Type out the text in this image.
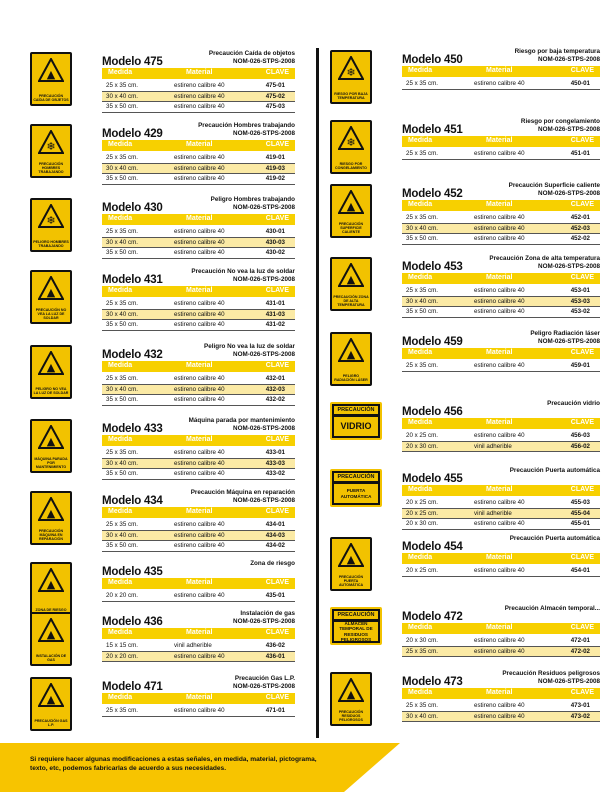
▲
PRECAUCIÓN CAÍDA DE OBJETOS
Modelo 475
Precaución Caída de objetos
NOM-026-STPS-2008
Medida	Material	CLAVE
25 x 35 cm.	estireno calibre 40	475-01
30 x 40 cm.	estireno calibre 40	475-02
35 x 50 cm.	estireno calibre 40	475-03
❄
PRECAUCIÓN HOMBRES TRABAJANDO
Modelo 429
Precaución Hombres trabajando
NOM-026-STPS-2008
Medida	Material	CLAVE
25 x 35 cm.	estireno calibre 40	419-01
30 x 40 cm.	estireno calibre 40	419-03
35 x 50 cm.	estireno calibre 40	419-02
❄
PELIGRO HOMBRES TRABAJANDO
Modelo 430
Peligro Hombres trabajando
NOM-026-STPS-2008
Medida	Material	CLAVE
25 x 35 cm.	estireno calibre 40	430-01
30 x 40 cm.	estireno calibre 40	430-03
35 x 50 cm.	estireno calibre 40	430-02
▲
PRECAUCIÓN NO VEA LA LUZ DE SOLDAR
Modelo 431
Precaución No vea la luz de soldar
NOM-026-STPS-2008
Medida	Material	CLAVE
25 x 35 cm.	estireno calibre 40	431-01
30 x 40 cm.	estireno calibre 40	431-03
35 x 50 cm.	estireno calibre 40	431-02
▲
PELIGRO NO VEA LA LUZ DE SOLDAR
Modelo 432
Peligro No vea la luz de soldar
NOM-026-STPS-2008
Medida	Material	CLAVE
25 x 35 cm.	estireno calibre 40	432-01
30 x 40 cm.	estireno calibre 40	432-03
35 x 50 cm.	estireno calibre 40	432-02
▲
MÁQUINA PARADA POR MANTENIMIENTO
Modelo 433
Máquina parada por mantenimiento
NOM-026-STPS-2008
Medida	Material	CLAVE
25 x 35 cm.	estireno calibre 40	433-01
30 x 40 cm.	estireno calibre 40	433-03
35 x 50 cm.	estireno calibre 40	433-02
▲
PRECAUCIÓN MÁQUINA EN REPARACIÓN
Modelo 434
Precaución Máquina en reparación
NOM-026-STPS-2008
Medida	Material	CLAVE
25 x 35 cm.	estireno calibre 40	434-01
30 x 40 cm.	estireno calibre 40	434-03
35 x 50 cm.	estireno calibre 40	434-02
▲
ZONA DE RIESGO
Modelo 435
Zona de riesgo
Medida	Material	CLAVE
20 x 20 cm.	estireno calibre 40	435-01
▲
INSTALACIÓN DE GAS
Modelo 436
Instalación de gas
NOM-026-STPS-2008
Medida	Material	CLAVE
15 x 15 cm.	vinil adherible	436-02
20 x 20 cm.	estireno calibre 40	436-01
▲
PRECAUCIÓN GAS L.P.
Modelo 471
Precaución Gas L.P.
NOM-026-STPS-2008
Medida	Material	CLAVE
25 x 35 cm.	estireno calibre 40	471-01
❄
RIESGO POR BAJA TEMPERATURA
Modelo 450
Riesgo por baja temperatura
NOM-026-STPS-2008
Medida	Material	CLAVE
25 x 35 cm.	estireno calibre 40	450-01
❄
RIESGO POR CONGELAMIENTO
Modelo 451
Riesgo por congelamiento
NOM-026-STPS-2008
Medida	Material	CLAVE
25 x 35 cm.	estireno calibre 40	451-01
▲
PRECAUCIÓN SUPERFICIE CALIENTE
Modelo 452
Precaución Superficie caliente
NOM-026-STPS-2008
Medida	Material	CLAVE
25 x 35 cm.	estireno calibre 40	452-01
30 x 40 cm.	estireno calibre 40	452-03
35 x 50 cm.	estireno calibre 40	452-02
▲
PRECAUCIÓN ZONA DE ALTA TEMPERATURA
Modelo 453
Precaución Zona de alta temperatura
NOM-026-STPS-2008
Medida	Material	CLAVE
25 x 35 cm.	estireno calibre 40	453-01
30 x 40 cm.	estireno calibre 40	453-03
35 x 50 cm.	estireno calibre 40	453-02
▲
PELIGRO RADIACIÓN LÁSER
Modelo 459
Peligro Radiación láser
NOM-026-STPS-2008
Medida	Material	CLAVE
25 x 35 cm.	estireno calibre 40	459-01
PRECAUCIÓN
VIDRIO
Modelo 456
Precaución vidrio
Medida	Material	CLAVE
20 x 25 cm.	estireno calibre 40	456-03
20 x 30 cm.	vinil adherible	456-02
PRECAUCIÓN
PUERTA AUTOMÁTICA
Modelo 455
Precaución Puerta automática
Medida	Material	CLAVE
20 x 25 cm.	estireno calibre 40	455-03
20 x 25 cm.	vinil adherible	455-04
20 x 30 cm.	estireno calibre 40	455-01
▲
PRECAUCIÓN PUERTA AUTOMÁTICA
Modelo 454
Precaución Puerta automática
Medida	Material	CLAVE
20 x 25 cm.	estireno calibre 40	454-01
PRECAUCIÓN
ALMACÉN TEMPORAL DE RESIDUOS PELIGROSOS
Modelo 472
Precaución Almacén temporal...
Medida	Material	CLAVE
20 x 30 cm.	estireno calibre 40	472-01
25 x 35 cm.	estireno calibre 40	472-02
▲
PRECAUCIÓN RESIDUOS PELIGROSOS
Modelo 473
Precaución Residuos peligrosos
NOM-026-STPS-2008
Medida	Material	CLAVE
25 x 35 cm.	estireno calibre 40	473-01
30 x 40 cm.	estireno calibre 40	473-02
Si requiere hacer algunas modificaciones a estas señales, en medida, material, pictograma, texto, etc, podemos fabricarlas de acuerdo a sus necesidades.
